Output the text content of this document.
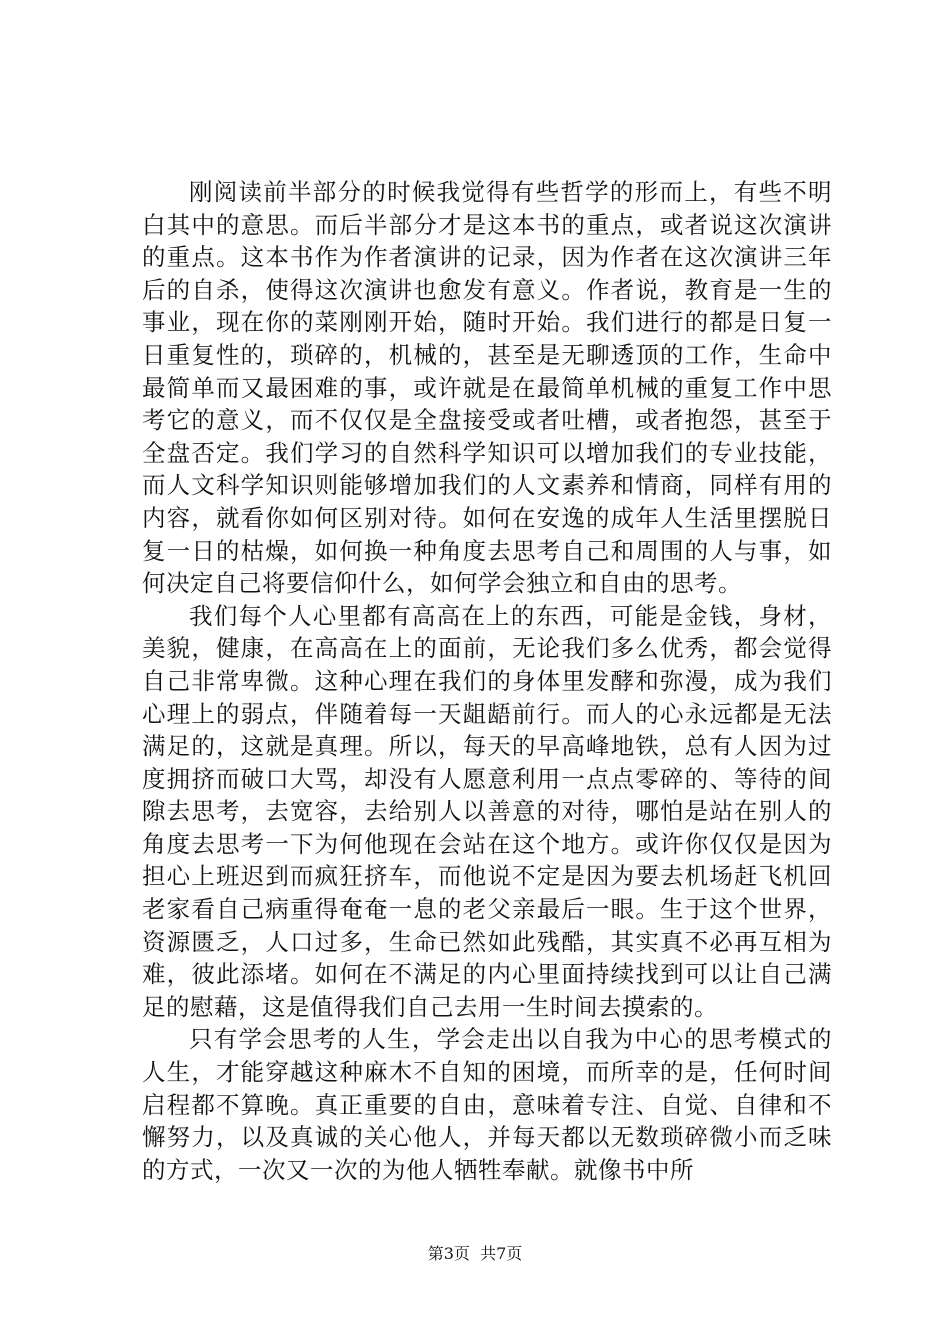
刚阅读前半部分的时候我觉得有些哲学的形而上，有些不明白其中的意思。而后半部分才是这本书的重点，或者说这次演讲的重点。这本书作为作者演讲的记录，因为作者在这次演讲三年后的自杀，使得这次演讲也愈发有意义。作者说，教育是一生的事业，现在你的菜刚刚开始，随时开始。我们进行的都是日复一日重复性的，琐碎的，机械的，甚至是无聊透顶的工作，生命中最简单而又最困难的事，或许就是在最简单机械的重复工作中思考它的意义，而不仅仅是全盘接受或者吐槽，或者抱怨，甚至于全盘否定。我们学习的自然科学知识可以增加我们的专业技能，而人文科学知识则能够增加我们的人文素养和情商，同样有用的内容，就看你如何区别对待。如何在安逸的成年人生活里摆脱日复一日的枯燥，如何换一种角度去思考自己和周围的人与事，如何决定自己将要信仰什么，如何学会独立和自由的思考。

我们每个人心里都有高高在上的东西，可能是金钱，身材，美貌，健康，在高高在上的面前，无论我们多么优秀，都会觉得自己非常卑微。这种心理在我们的身体里发酵和弥漫，成为我们心理上的弱点，伴随着每一天龃龉前行。而人的心永远都是无法满足的，这就是真理。所以，每天的早高峰地铁，总有人因为过度拥挤而破口大骂，却没有人愿意利用一点点零碎的、等待的间隙去思考，去宽容，去给别人以善意的对待，哪怕是站在别人的角度去思考一下为何他现在会站在这个地方。或许你仅仅是因为担心上班迟到而疯狂挤车，而他说不定是因为要去机场赶飞机回老家看自己病重得奄奄一息的老父亲最后一眼。生于这个世界，资源匮乏，人口过多，生命已然如此残酷，其实真不必再互相为难，彼此添堵。如何在不满足的内心里面持续找到可以让自己满足的慰藉，这是值得我们自己去用一生时间去摸索的。

只有学会思考的人生，学会走出以自我为中心的思考模式的人生，才能穿越这种麻木不自知的困境，而所幸的是，任何时间启程都不算晚。真正重要的自由，意味着专注、自觉、自律和不懈努力，以及真诚的关心他人，并每天都以无数琐碎微小而乏味的方式，一次又一次的为他人牺牲奉献。就像书中所

第3页 共7页
